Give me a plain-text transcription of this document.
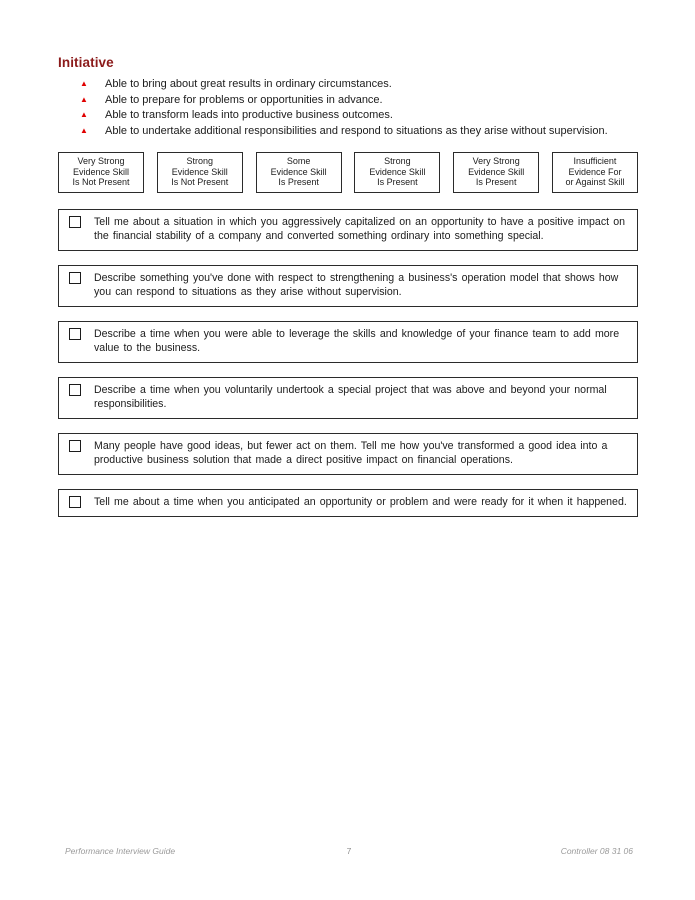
Initiative
▲ Able to bring about great results in ordinary circumstances.
▲ Able to prepare for problems or opportunities in advance.
▲ Able to transform leads into productive business outcomes.
▲ Able to undertake additional responsibilities and respond to situations as they arise without supervision.
Very Strong
Evidence Skill
Is Not Present
Strong
Evidence Skill
Is Not Present
Some
Evidence Skill
Is Present
Strong
Evidence Skill
Is Present
Very Strong
Evidence Skill
Is Present
Insufficient
Evidence For
or Against Skill
Tell me about a situation in which you aggressively capitalized on an opportunity to have a positive impact on the financial stability of a company and converted something ordinary into something special.
Describe something you've done with respect to strengthening a business's operation model that shows how you can respond to situations as they arise without supervision.
Describe a time when you were able to leverage the skills and knowledge of your finance team to add more value to the business.
Describe a time when you voluntarily undertook a special project that was above and beyond your normal responsibilities.
Many people have good ideas, but fewer act on them. Tell me how you've transformed a good idea into a productive business solution that made a direct positive impact on financial operations.
Tell me about a time when you anticipated an opportunity or problem and were ready for it when it happened.
Performance Interview Guide	7	Controller 08 31 06
